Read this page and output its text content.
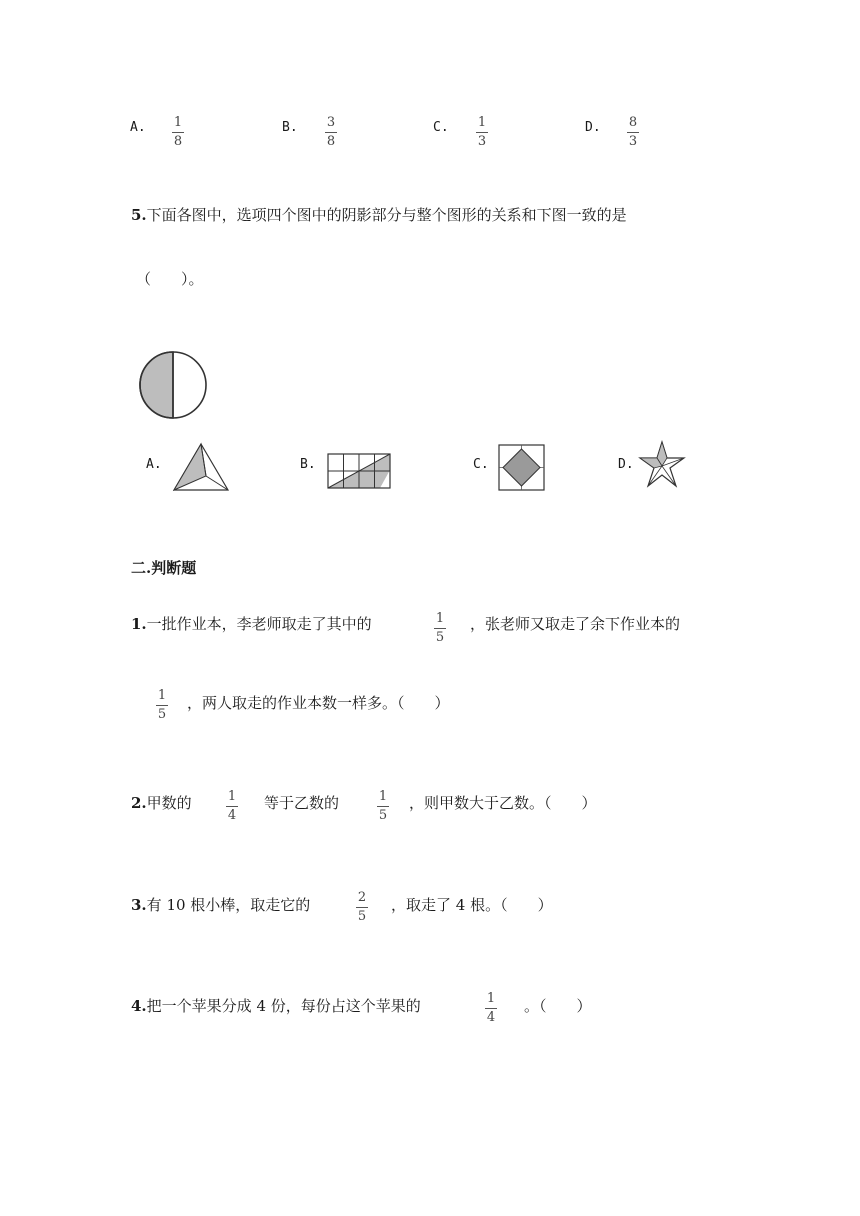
A. 1
8
B. 3
8
C. 1
3
D. 8
3
5.下面各图中，选项四个图中的阴影部分与整个图形的关系和下图一致的是
（　　）。
A.	B.	C.	D.
二.判断题
1.一批作业本，李老师取走了其中的	1
5
，张老师又取走了余下作业本的
1
5
，两人取走的作业本数一样多。（　　）
2.甲数的	1
4
等于乙数的	1
5
，则甲数大于乙数。（　　）
3.有 10 根小棒，取走它的	2
5
，取走了 4 根。（　　）
4.把一个苹果分成 4 份，每份占这个苹果的	1
4
。（　　）
